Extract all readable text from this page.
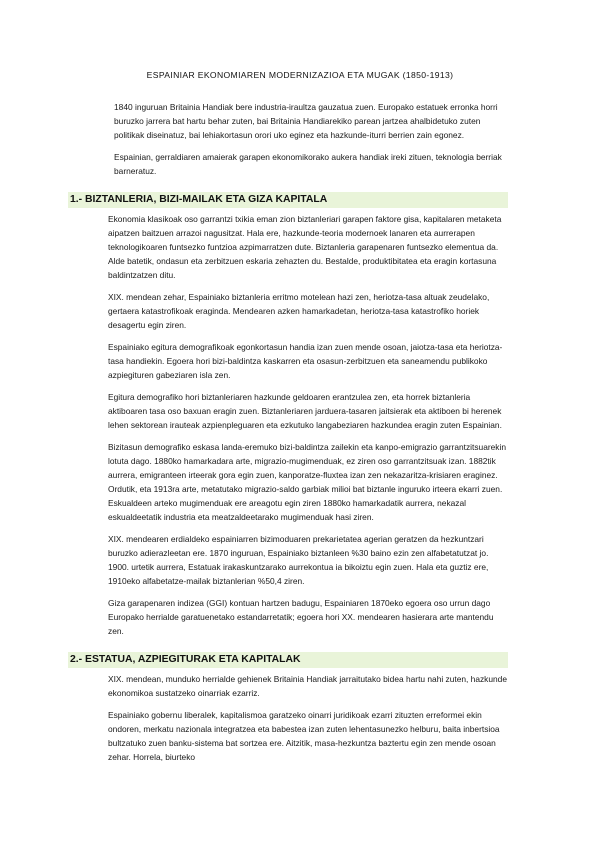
ESPAINIAR EKONOMIAREN MODERNIZAZIOA ETA MUGAK (1850-1913)
1840 inguruan Britainia Handiak bere industria-iraultza gauzatua zuen. Europako estatuek erronka horri buruzko jarrera bat hartu behar zuten, bai Britainia Handiarekiko parean jartzea ahalbidetuko zuten politikak diseinatuz, bai lehiakortasun orori uko eginez eta hazkunde-iturri berrien zain egonez.
Espainian, gerraldiaren amaierak garapen ekonomikorako aukera handiak ireki zituen, teknologia berriak barneratuz.
1.- BIZTANLERIA, BIZI-MAILAK ETA GIZA KAPITALA
Ekonomia klasikoak oso garrantzi txikia eman zion biztanleriari garapen faktore gisa, kapitalaren metaketa aipatzen baitzuen arrazoi nagusitzat. Hala ere, hazkunde-teoria modernoek lanaren eta aurrerapen teknologikoaren funtsezko funtzioa azpimarratzen dute. Biztanleria garapenaren funtsezko elementua da. Alde batetik, ondasun eta zerbitzuen eskaria zehazten du. Bestalde, produktibitatea eta eragin kortasuna baldintzatzen ditu.
XIX. mendean zehar, Espainiako biztanleria erritmo motelean hazi zen, heriotza-tasa altuak zeudelako, gertaera katastrofikoak eraginda. Mendearen azken hamarkadetan, heriotza-tasa katastrofiko horiek desagertu egin ziren.
Espainiako egitura demografikoak egonkortasun handia izan zuen mende osoan, jaiotza-tasa eta heriotza-tasa handiekin. Egoera hori bizi-baldintza kaskarren eta osasun-zerbitzuen eta saneamendu publikoko azpiegituren gabeziaren isla zen.
Egitura demografiko hori biztanleriaren hazkunde geldoaren erantzulea zen, eta horrek biztanleria aktiboaren tasa oso baxuan eragin zuen. Biztanleriaren jarduera-tasaren jaitsierak eta aktiboen bi herenek lehen sektorean irauteak azpienpleguaren eta ezkutuko langabeziaren hazkundea eragin zuten Espainian.
Bizitasun demografiko eskasa landa-eremuko bizi-baldintza zailekin eta kanpo-emigrazio garrantzitsuarekin lotuta dago. 1880ko hamarkadara arte, migrazio-mugimenduak, ez ziren oso garrantzitsuak izan. 1882tik aurrera, emigranteen irteerak gora egin zuen, kanporatze-fluxtea izan zen nekazaritza-krisiaren eraginez. Ordutik, eta 1913ra arte, metatutako migrazio-saldo garbiak milioi bat biztanle inguruko irteera ekarri zuen. Eskualdeen arteko mugimenduak ere areagotu egin ziren 1880ko hamarkadatik aurrera, nekazal eskualdeetatik industria eta meatzaldeetarako mugimenduak hasi ziren.
XIX. mendearen erdialdeko espainiarren bizimoduaren prekarietatea agerian geratzen da hezkuntzari buruzko adierazleetan ere. 1870 inguruan, Espainiako biztanleen %30 baino ezin zen alfabetatutzat jo. 1900. urtetik aurrera, Estatuak irakaskuntzarako aurrekontua ia bikoiztu egin zuen. Hala eta guztiz ere, 1910eko alfabetatze-mailak biztanlerian %50,4 ziren.
Giza garapenaren indizea (GGI) kontuan hartzen badugu, Espainiaren 1870eko egoera oso urrun dago Europako herrialde garatuenetako estandarretatik; egoera hori XX. mendearen hasierara arte mantendu zen.
2.- ESTATUA, AZPIEGITURAK ETA KAPITALAK
XIX. mendean, munduko herrialde gehienek Britainia Handiak jarraitutako bidea hartu nahi zuten, hazkunde ekonomikoa sustatzeko oinarriak ezarriz.
Espainiako gobernu liberalek, kapitalismoa garatzeko oinarri juridikoak ezarri zituzten erreformei ekin ondoren, merkatu nazionala integratzea eta babestea izan zuten lehentasunezko helburu, baita inbertsioa bultzatuko zuen banku-sistema bat sortzea ere. Aitzitik, masa-hezkuntza baztertu egin zen mende osoan zehar. Horrela, biurteko
